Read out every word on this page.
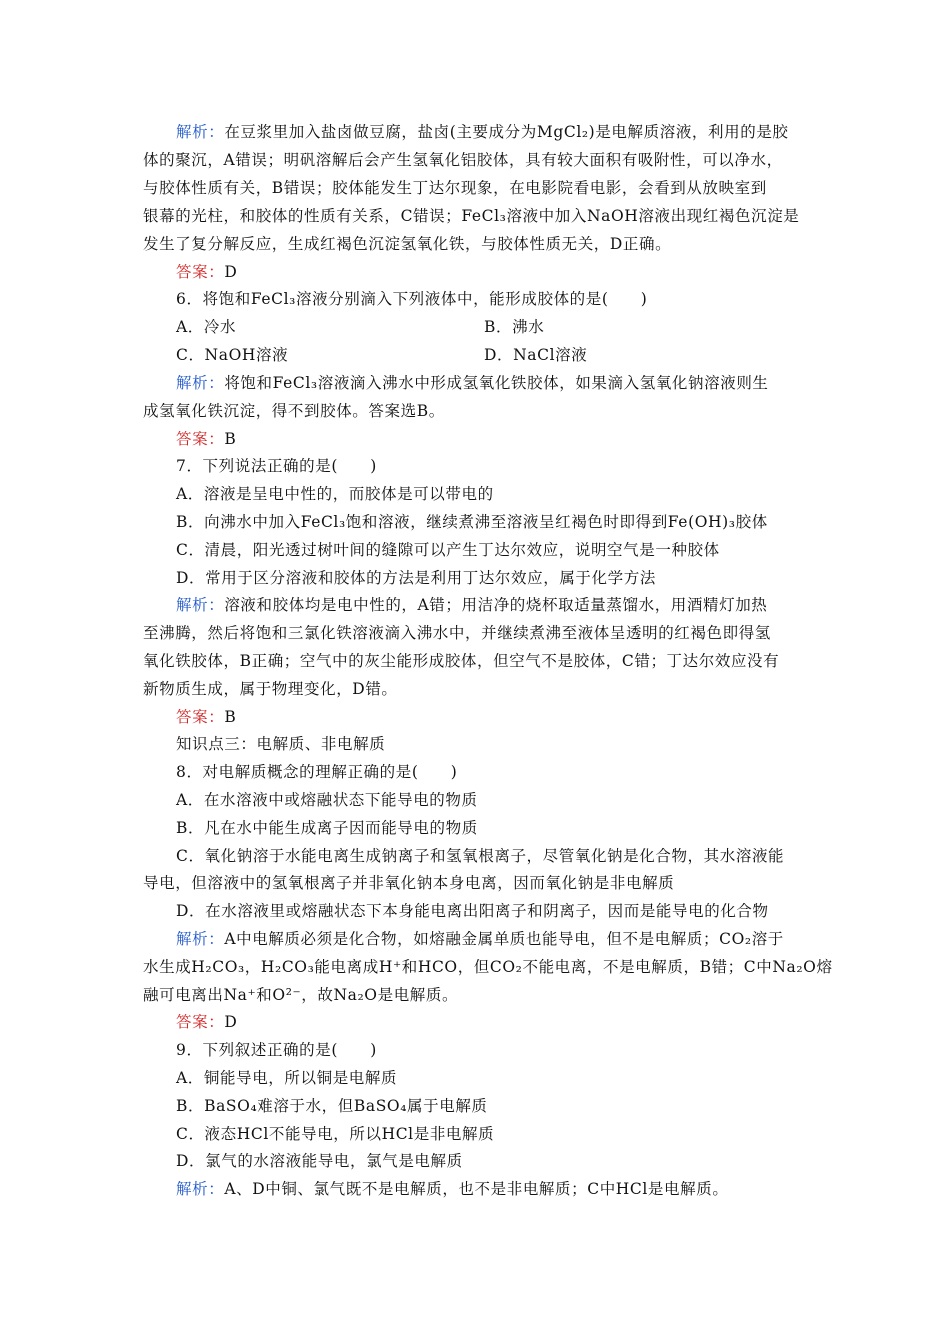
解析：在豆浆里加入盐卤做豆腐，盐卤(主要成分为MgCl₂)是电解质溶液，利用的是胶
体的聚沉，A错误；明矾溶解后会产生氢氧化铝胶体，具有较大面积有吸附性，可以净水，
与胶体性质有关，B错误；胶体能发生丁达尔现象，在电影院看电影，会看到从放映室到
银幕的光柱，和胶体的性质有关系，C错误；FeCl₃溶液中加入NaOH溶液出现红褐色沉淀是
发生了复分解反应，生成红褐色沉淀氢氧化铁，与胶体性质无关，D正确。
答案：D
6．将饱和FeCl₃溶液分别滴入下列液体中，能形成胶体的是(　　)
A．冷水	B．沸水
C．NaOH溶液	D．NaCl溶液
解析：将饱和FeCl₃溶液滴入沸水中形成氢氧化铁胶体，如果滴入氢氧化钠溶液则生
成氢氧化铁沉淀，得不到胶体。答案选B。
答案：B
7．下列说法正确的是(　　)
A．溶液是呈电中性的，而胶体是可以带电的
B．向沸水中加入FeCl₃饱和溶液，继续煮沸至溶液呈红褐色时即得到Fe(OH)₃胶体
C．清晨，阳光透过树叶间的缝隙可以产生丁达尔效应，说明空气是一种胶体
D．常用于区分溶液和胶体的方法是利用丁达尔效应，属于化学方法
解析：溶液和胶体均是电中性的，A错；用洁净的烧杯取适量蒸馏水，用酒精灯加热
至沸腾，然后将饱和三氯化铁溶液滴入沸水中，并继续煮沸至液体呈透明的红褐色即得氢
氧化铁胶体，B正确；空气中的灰尘能形成胶体，但空气不是胶体，C错；丁达尔效应没有
新物质生成，属于物理变化，D错。
答案：B
知识点三：电解质、非电解质
8．对电解质概念的理解正确的是(　　)
A．在水溶液中或熔融状态下能导电的物质
B．凡在水中能生成离子因而能导电的物质
C．氧化钠溶于水能电离生成钠离子和氢氧根离子，尽管氧化钠是化合物，其水溶液能
导电，但溶液中的氢氧根离子并非氧化钠本身电离，因而氧化钠是非电解质
D．在水溶液里或熔融状态下本身能电离出阳离子和阴离子，因而是能导电的化合物
解析：A中电解质必须是化合物，如熔融金属单质也能导电，但不是电解质；CO₂溶于
水生成H₂CO₃，H₂CO₃能电离成H⁺和HCO，但CO₂不能电离，不是电解质，B错；C中Na₂O熔
融可电离出Na⁺和O²⁻，故Na₂O是电解质。
答案：D
9．下列叙述正确的是(　　)
A．铜能导电，所以铜是电解质
B．BaSO₄难溶于水，但BaSO₄属于电解质
C．液态HCl不能导电，所以HCl是非电解质
D．氯气的水溶液能导电，氯气是电解质
解析：A、D中铜、氯气既不是电解质，也不是非电解质；C中HCl是电解质。
